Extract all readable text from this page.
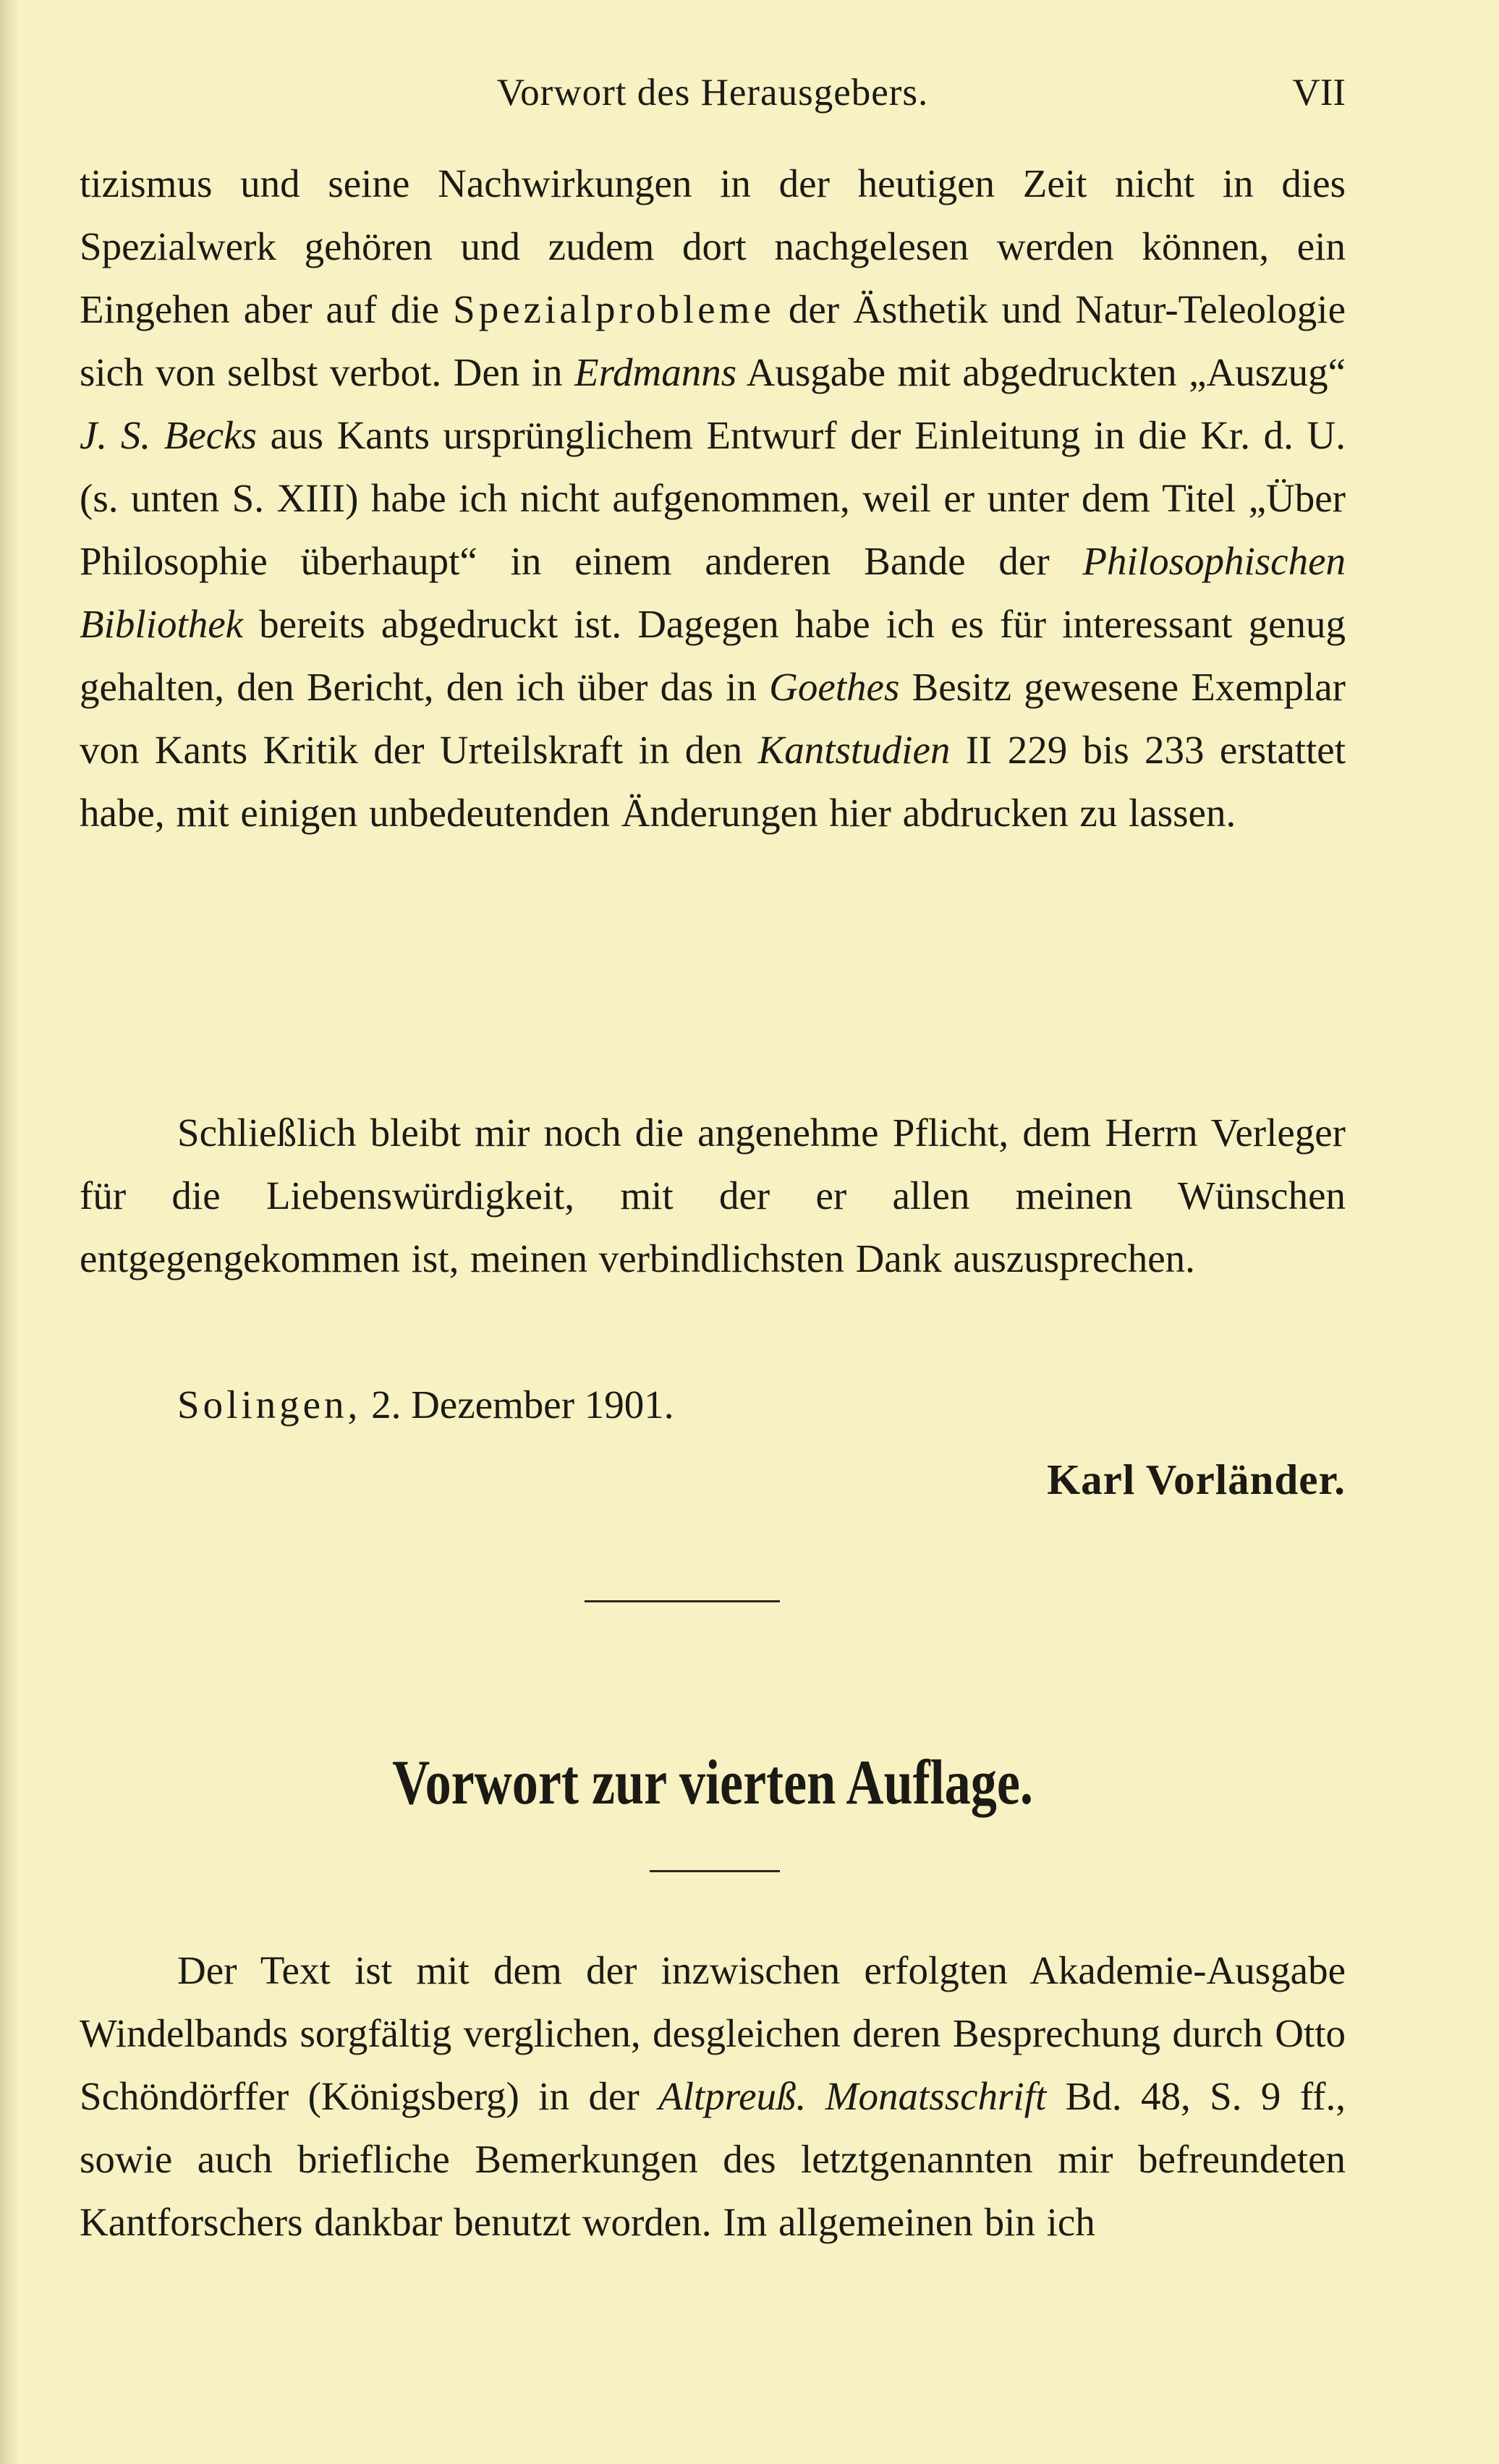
Vorwort des Herausgebers.	VII

tizismus und seine Nachwirkungen in der heutigen Zeit nicht in dies Spezialwerk gehören und zudem dort nachgelesen werden können, ein Eingehen aber auf die Spezialprobleme der Ästhetik und Natur-Teleologie sich von selbst verbot. Den in Erdmanns Ausgabe mit abgedruckten „Auszug“ J. S. Becks aus Kants ursprünglichem Entwurf der Einleitung in die Kr. d. U. (s. unten S. XIII) habe ich nicht aufgenommen, weil er unter dem Titel „Über Philosophie überhaupt“ in einem anderen Bande der Philosophischen Bibliothek bereits abgedruckt ist. Dagegen habe ich es für interessant genug gehalten, den Bericht, den ich über das in Goethes Besitz gewesene Exemplar von Kants Kritik der Urteilskraft in den Kantstudien II 229 bis 233 erstattet habe, mit einigen unbedeutenden Änderungen hier abdrucken zu lassen.

Schließlich bleibt mir noch die angenehme Pflicht, dem Herrn Verleger für die Liebenswürdigkeit, mit der er allen meinen Wünschen entgegengekommen ist, meinen verbindlichsten Dank auszusprechen.

Solingen, 2. Dezember 1901.

Karl Vorländer.

Vorwort zur vierten Auflage.

Der Text ist mit dem der inzwischen erfolgten Akademie-Ausgabe Windelbands sorgfältig verglichen, desgleichen deren Besprechung durch Otto Schöndörffer (Königsberg) in der Altpreuß. Monatsschrift Bd. 48, S. 9 ff., sowie auch briefliche Bemerkungen des letztgenannten mir befreundeten Kantforschers dankbar benutzt worden. Im allgemeinen bin ich
